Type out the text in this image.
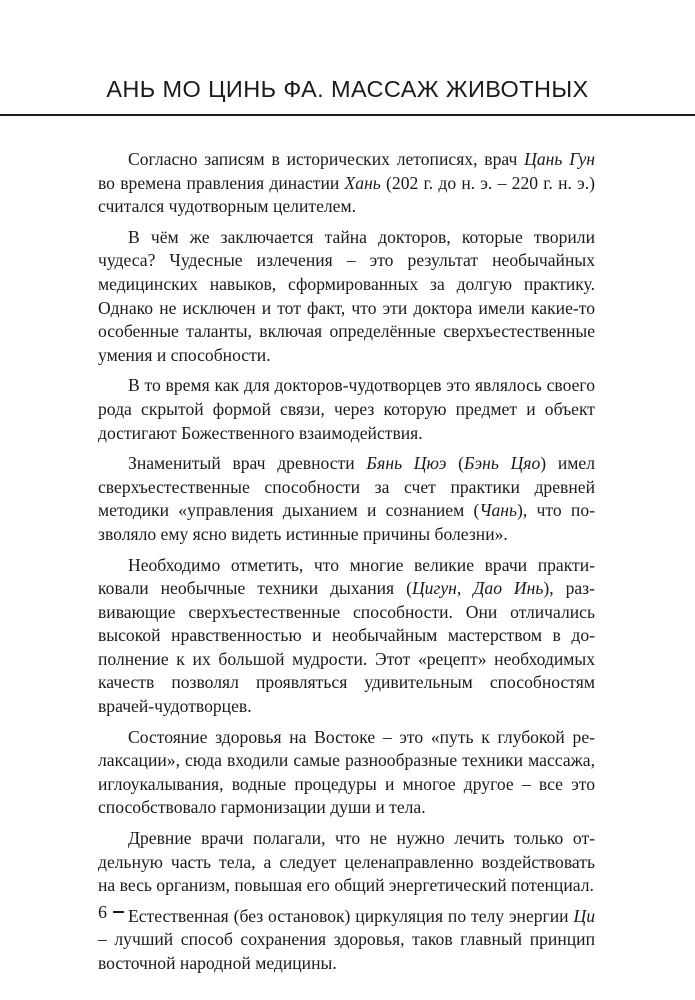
АНЬ МО ЦИНЬ ФА. МАССАЖ ЖИВОТНЫХ

Согласно записям в исторических летописях, врач Цань Гун во времена правления династии Хань (202 г. до н. э. – 220 г. н. э.) считался чудотворным целителем.

В чём же заключается тайна докторов, которые творили чудеса? Чудесные излечения – это результат необычайных медицинских навыков, сформированных за долгую практику. Однако не исключен и тот факт, что эти доктора имели какие-то особенные таланты, включая определённые сверхъестественные умения и способности.

В то время как для докторов-чудотворцев это являлось своего рода скрытой формой связи, через которую предмет и объект достигают Божественного взаимодействия.

Знаменитый врач древности Бянь Цюэ (Бэнь Цяо) имел сверхъестественные способности за счет практики древней методики «управления дыханием и сознанием (Чань), что позволяло ему ясно видеть истинные причины болезни».

Необходимо отметить, что многие великие врачи практиковали необычные техники дыхания (Цигун, Дао Инь), развивающие сверхъестественные способности. Они отличались высокой нравственностью и необычайным мастерством в дополнение к их большой мудрости. Этот «рецепт» необходимых качеств позволял проявляться удивительным способностям врачей-чудотворцев.

Состояние здоровья на Востоке – это «путь к глубокой релаксации», сюда входили самые разнообразные техники массажа, иглоукалывания, водные процедуры и многое другое – все это способствовало гармонизации души и тела.

Древние врачи полагали, что не нужно лечить только отдельную часть тела, а следует целенаправленно воздействовать на весь организм, повышая его общий энергетический потенциал.

Естественная (без остановок) циркуляция по телу энергии Ци – лучший способ сохранения здоровья, таков главный принцип восточной народной медицины.

6
